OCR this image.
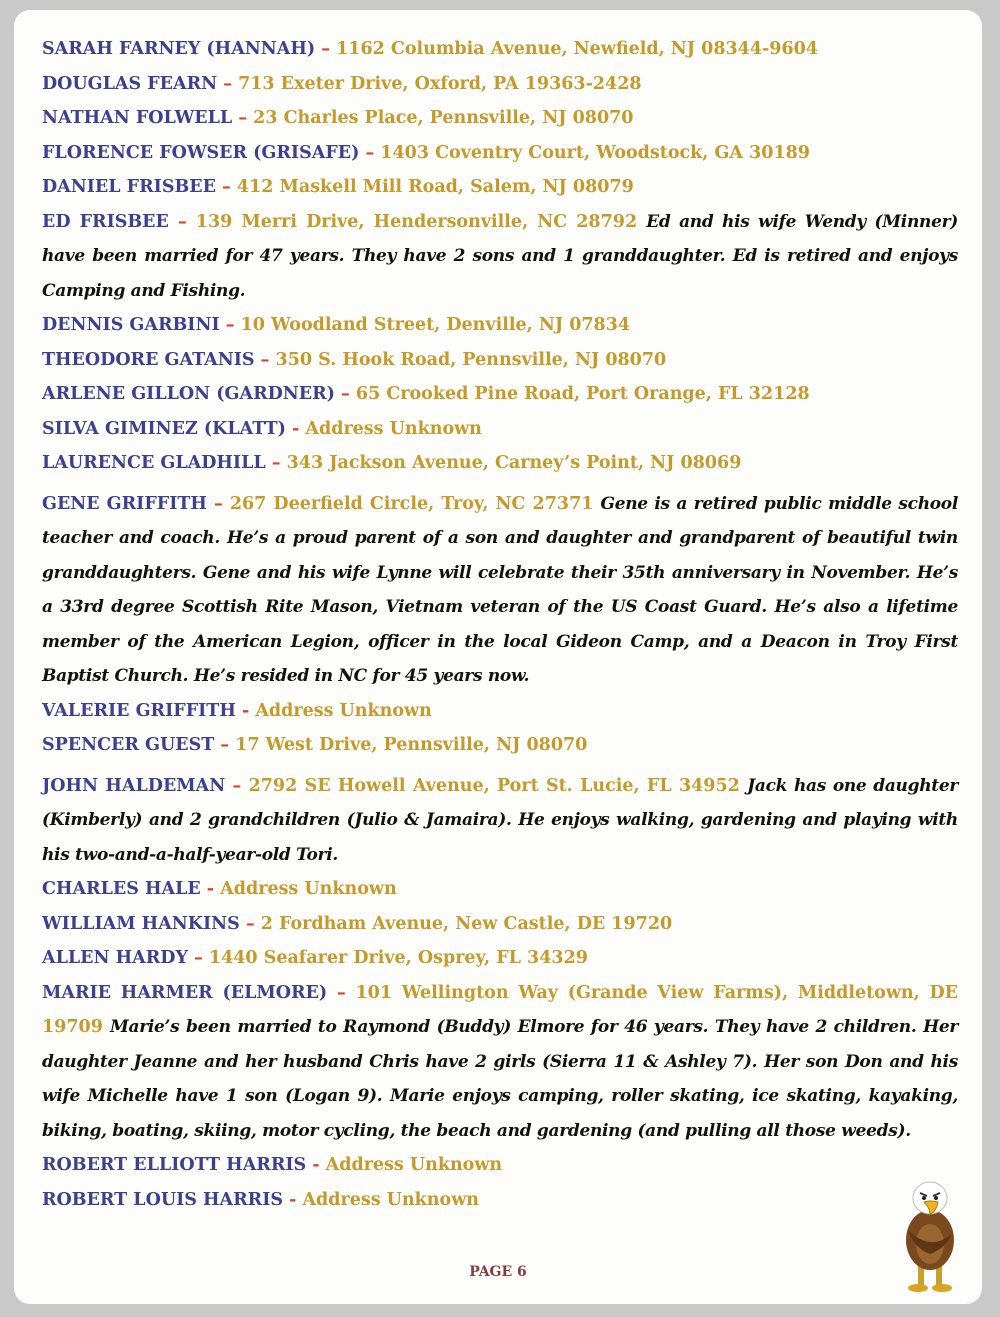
SARAH FARNEY (HANNAH) – 1162 Columbia Avenue, Newfield, NJ 08344-9604

DOUGLAS FEARN – 713 Exeter Drive, Oxford, PA 19363-2428

NATHAN FOLWELL – 23 Charles Place, Pennsville, NJ 08070

FLORENCE FOWSER (GRISAFE) – 1403 Coventry Court, Woodstock, GA 30189

DANIEL FRISBEE – 412 Maskell Mill Road, Salem, NJ 08079

ED FRISBEE – 139 Merri Drive, Hendersonville, NC 28792 Ed and his wife Wendy (Minner) have been married for 47 years. They have 2 sons and 1 granddaughter. Ed is retired and enjoys Camping and Fishing.

DENNIS GARBINI – 10 Woodland Street, Denville, NJ 07834

THEODORE GATANIS – 350 S. Hook Road, Pennsville, NJ 08070

ARLENE GILLON (GARDNER) – 65 Crooked Pine Road, Port Orange, FL 32128

SILVA GIMINEZ (KLATT) - Address Unknown

LAURENCE GLADHILL – 343 Jackson Avenue, Carney’s Point, NJ 08069

GENE GRIFFITH – 267 Deerfield Circle, Troy, NC 27371 Gene is a retired public middle school teacher and coach. He’s a proud parent of a son and daughter and grandparent of beautiful twin granddaughters. Gene and his wife Lynne will celebrate their 35th anniversary in November. He’s a 33rd degree Scottish Rite Mason, Vietnam veteran of the US Coast Guard. He’s also a lifetime member of the American Legion, officer in the local Gideon Camp, and a Deacon in Troy First Baptist Church. He’s resided in NC for 45 years now.

VALERIE GRIFFITH - Address Unknown

SPENCER GUEST – 17 West Drive, Pennsville, NJ 08070

JOHN HALDEMAN – 2792 SE Howell Avenue, Port St. Lucie, FL 34952 Jack has one daughter (Kimberly) and 2 grandchildren (Julio & Jamaira). He enjoys walking, gardening and playing with his two-and-a-half-year-old Tori.

CHARLES HALE - Address Unknown

WILLIAM HANKINS – 2 Fordham Avenue, New Castle, DE 19720

ALLEN HARDY – 1440 Seafarer Drive, Osprey, FL 34329

MARIE HARMER (ELMORE) – 101 Wellington Way (Grande View Farms), Middletown, DE 19709 Marie’s been married to Raymond (Buddy) Elmore for 46 years. They have 2 children. Her daughter Jeanne and her husband Chris have 2 girls (Sierra 11 & Ashley 7). Her son Don and his wife Michelle have 1 son (Logan 9). Marie enjoys camping, roller skating, ice skating, kayaking, biking, boating, skiing, motor cycling, the beach and gardening (and pulling all those weeds).

ROBERT ELLIOTT HARRIS - Address Unknown

ROBERT LOUIS HARRIS - Address Unknown

PAGE 6
